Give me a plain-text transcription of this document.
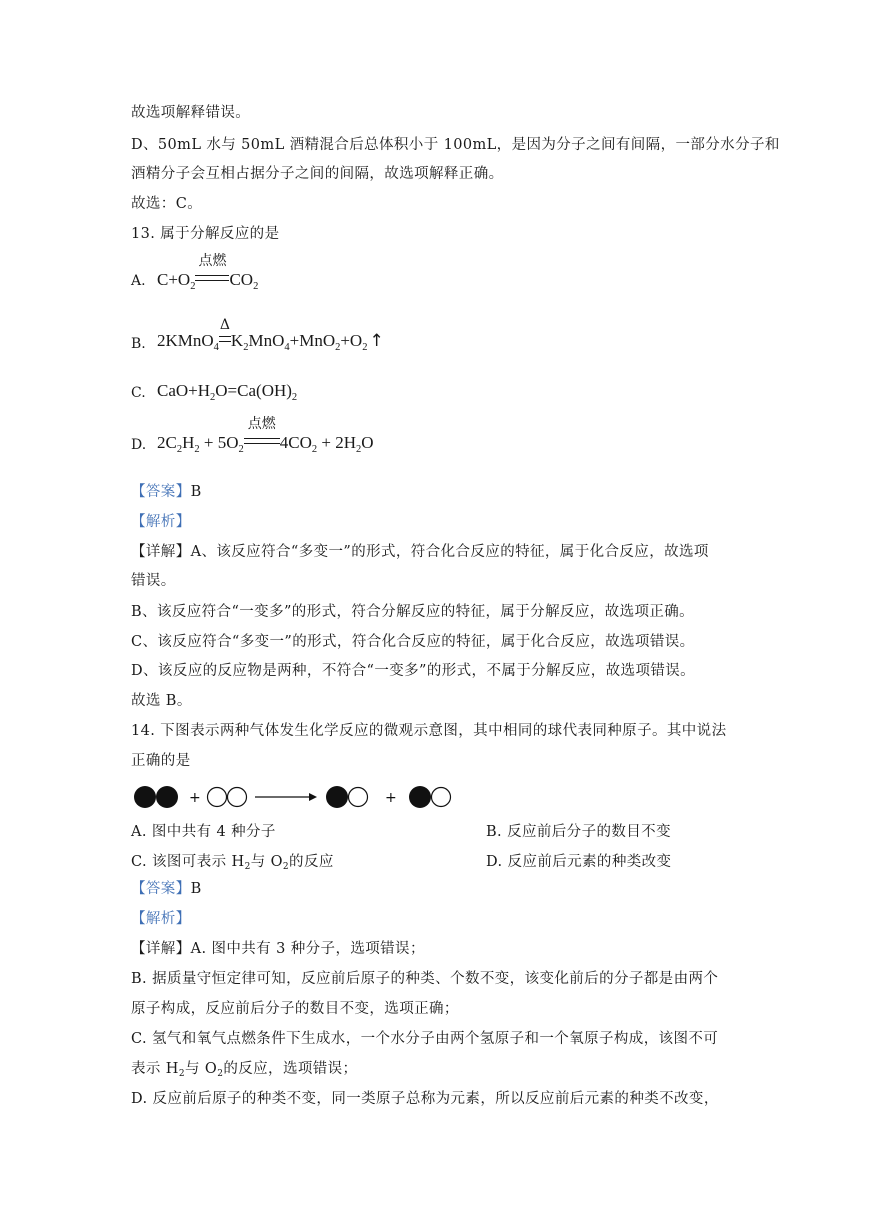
故选项解释错误。
D、50mL 水与 50mL 酒精混合后总体积小于 100mL，是因为分子之间有间隔，一部分水分子和
酒精分子会互相占据分子之间的间隔，故选项解释正确。
故选：C。
13. 属于分解反应的是
A. $C+O_2$
点燃
$CO_2$
B. 2KMnO$_4$
Δ
$K_2MnO_4+MnO_2+O_2$ ↑
C. $CaO+H_2O=Ca(OH)_2$
D. $2C_2H_2 + 5O_2$
点燃
$4CO_2 + 2H_2O$
【答案】B
【解析】
【详解】A、该反应符合“多变一”的形式，符合化合反应的特征，属于化合反应，故选项
错误。
B、该反应符合“一变多”的形式，符合分解反应的特征，属于分解反应，故选项正确。
C、该反应符合“多变一”的形式，符合化合反应的特征，属于化合反应，故选项错误。
D、该反应的反应物是两种，不符合“一变多”的形式，不属于分解反应，故选项错误。
故选 B。
14. 下图表示两种气体发生化学反应的微观示意图，其中相同的球代表同种原子。其中说法
正确的是
+	+
A. 图中共有 4 种分子	B. 反应前后分子的数目不变
C. 该图可表示 $H_2$与 $O_2$的反应	D. 反应前后元素的种类改变
【答案】B
【解析】
【详解】A. 图中共有 3 种分子，选项错误；
B. 据质量守恒定律可知，反应前后原子的种类、个数不变，该变化前后的分子都是由两个
原子构成，反应前后分子的数目不变，选项正确；
C. 氢气和氧气点燃条件下生成水，一个水分子由两个氢原子和一个氧原子构成，该图不可
表示 $H_2$与 $O_2$的反应，选项错误；
D. 反应前后原子的种类不变，同一类原子总称为元素，所以反应前后元素的种类不改变，
